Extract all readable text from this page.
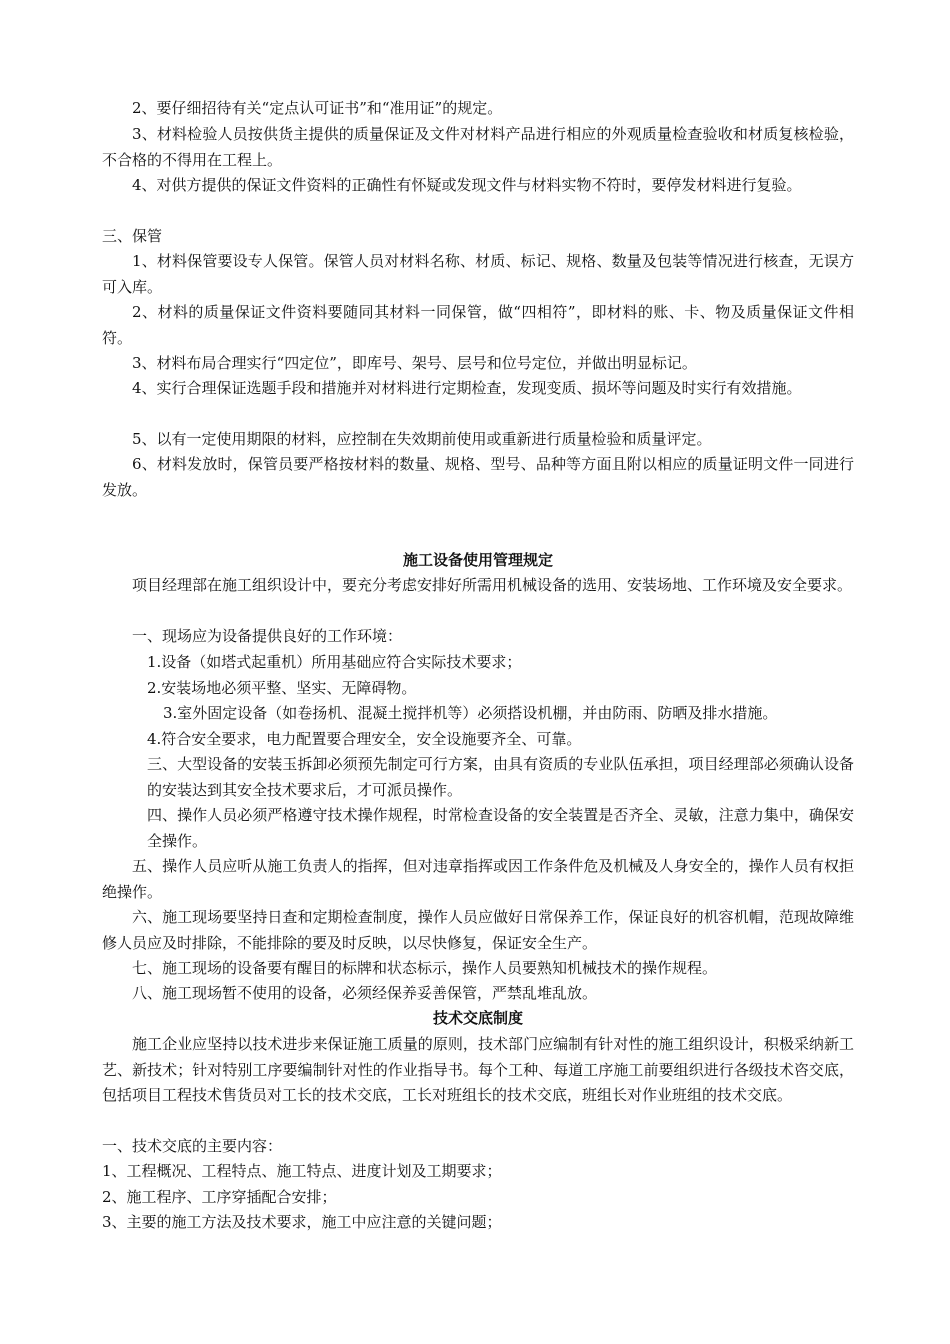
2、要仔细招待有关“定点认可证书”和“准用证”的规定。

3、材料检验人员按供货主提供的质量保证及文件对材料产品进行相应的外观质量检查验收和材质复核检验，不合格的不得用在工程上。

4、对供方提供的保证文件资料的正确性有怀疑或发现文件与材料实物不符时，要停发材料进行复验。

三、保管

1、材料保管要设专人保管。保管人员对材料名称、材质、标记、规格、数量及包装等情况进行核查，无误方可入库。

2、材料的质量保证文件资料要随同其材料一同保管，做“四相符”，即材料的账、卡、物及质量保证文件相符。

3、材料布局合理实行“四定位”，即库号、架号、层号和位号定位，并做出明显标记。

4、实行合理保证选题手段和措施并对材料进行定期检查，发现变质、损坏等问题及时实行有效措施。

5、以有一定使用期限的材料，应控制在失效期前使用或重新进行质量检验和质量评定。

6、材料发放时，保管员要严格按材料的数量、规格、型号、品种等方面且附以相应的质量证明文件一同进行发放。

施工设备使用管理规定

项目经理部在施工组织设计中，要充分考虑安排好所需用机械设备的选用、安装场地、工作环境及安全要求。

一、现场应为设备提供良好的工作环境：

1.设备（如塔式起重机）所用基础应符合实际技术要求；

2.安装场地必须平整、坚实、无障碍物。

3.室外固定设备（如卷扬机、混凝土搅拌机等）必须搭设机棚，并由防雨、防晒及排水措施。

4.符合安全要求，电力配置要合理安全，安全设施要齐全、可靠。

三、大型设备的安装玉拆卸必须预先制定可行方案，由具有资质的专业队伍承担，项目经理部必须确认设备的安装达到其安全技术要求后，才可派员操作。

四、操作人员必须严格遵守技术操作规程，时常检查设备的安全装置是否齐全、灵敏，注意力集中，确保安全操作。

五、操作人员应听从施工负责人的指挥，但对违章指挥或因工作条件危及机械及人身安全的，操作人员有权拒绝操作。

六、施工现场要坚持日查和定期检查制度，操作人员应做好日常保养工作，保证良好的机容机帽，范现故障维修人员应及时排除，不能排除的要及时反映，以尽快修复，保证安全生产。

七、施工现场的设备要有醒目的标牌和状态标示，操作人员要熟知机械技术的操作规程。

八、施工现场暂不使用的设备，必须经保养妥善保管，严禁乱堆乱放。

技术交底制度

施工企业应坚持以技术进步来保证施工质量的原则，技术部门应编制有针对性的施工组织设计，积极采纳新工艺、新技术；针对特别工序要编制针对性的作业指导书。每个工种、每道工序施工前要组织进行各级技术咨交底，包括项目工程技术售货员对工长的技术交底，工长对班组长的技术交底，班组长对作业班组的技术交底。

一、技术交底的主要内容：

1、工程概况、工程特点、施工特点、进度计划及工期要求；

2、施工程序、工序穿插配合安排；

3、主要的施工方法及技术要求，施工中应注意的关键问题；
